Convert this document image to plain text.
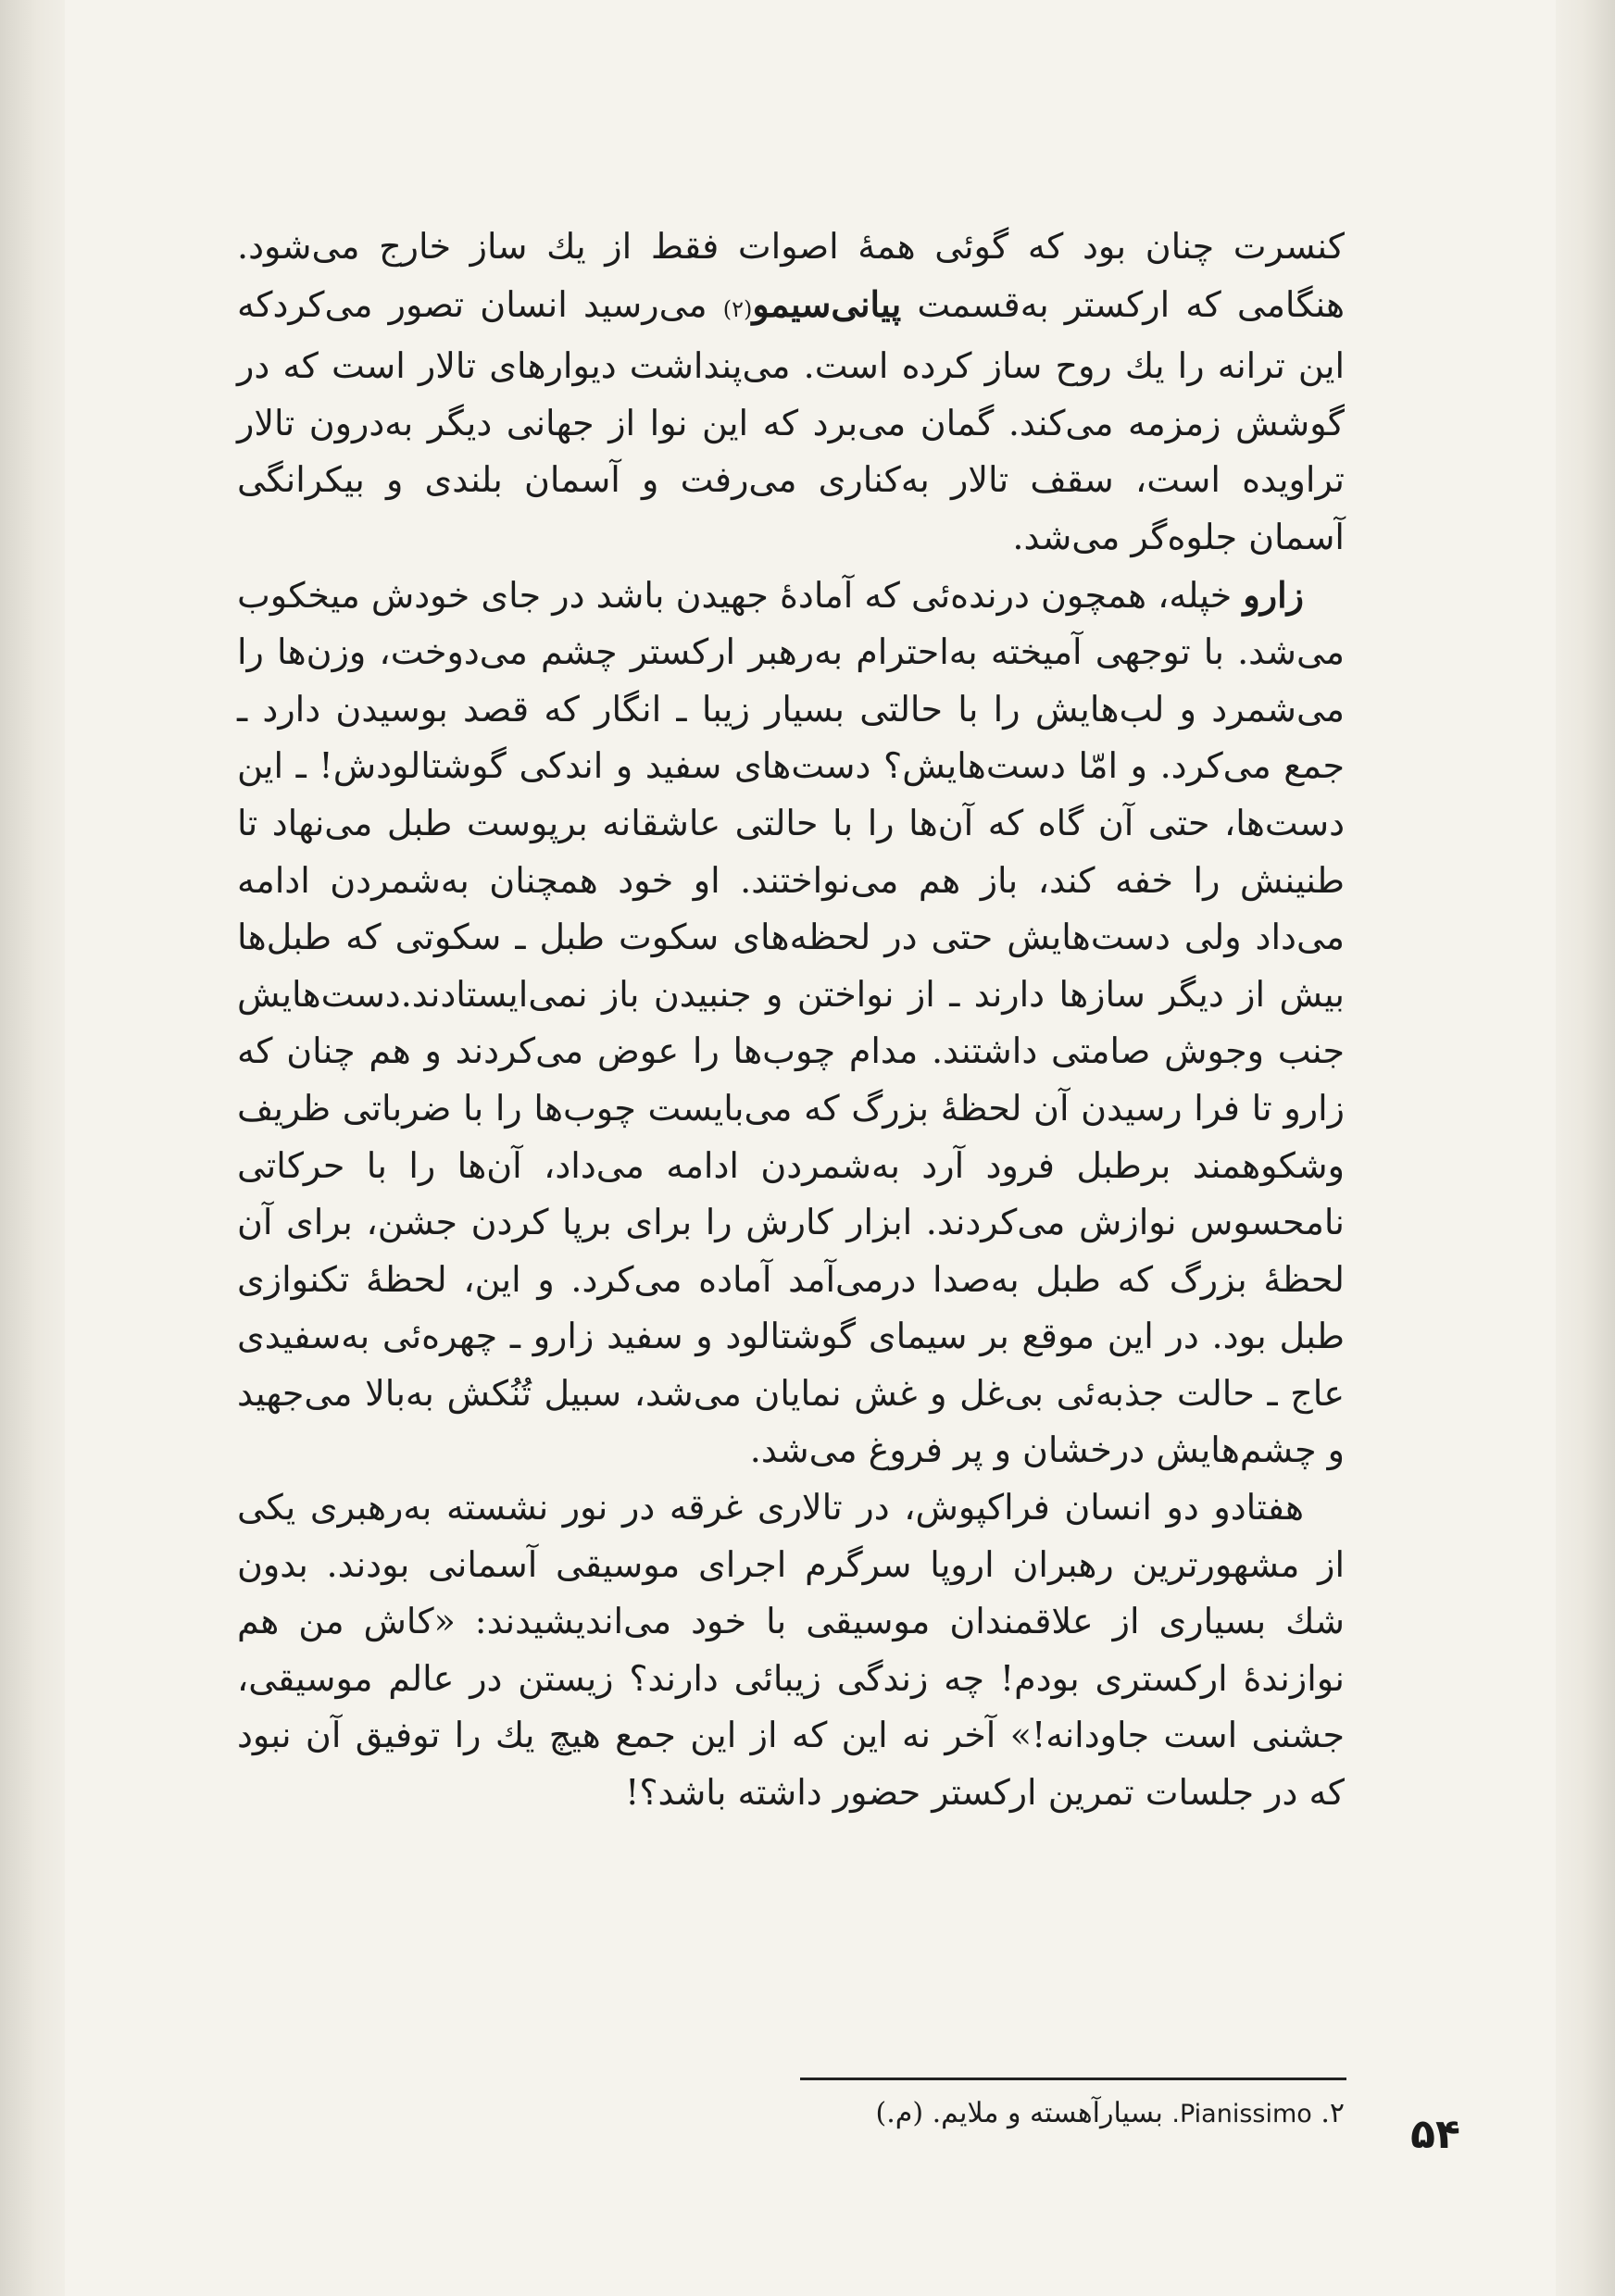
کنسرت چنان بود که گوئی همهٔ اصوات فقط از یك ساز خارج می‌شود. هنگامی که ارکستر به‌قسمت پیانی‌سیمو(۲) می‌رسید انسان تصور می‌کردکه این ترانه را یك روح ساز کرده است. می‌پنداشت دیوارهای تالار است که در گوشش زمزمه می‌کند. گمان می‌برد که این نوا از جهانی دیگر به‌درون تالار تراویده است، سقف تالار به‌کناری می‌رفت و آسمان بلندی و بیکرانگی آسمان جلوه‌گر می‌شد.

زارو خپله، همچون درنده‌ئی که آمادهٔ جهیدن باشد در جای خودش میخکوب می‌شد. با توجهی آمیخته به‌احترام به‌رهبر ارکستر چشم می‌دوخت، وزن‌ها را می‌شمرد و لب‌هایش را با حالتی بسیار زیبا ـ انگار که قصد بوسیدن دارد ـ جمع می‌کرد. و امّا دست‌هایش؟ دست‌های سفید و اندکی گوشتالودش! ـ این دست‌ها، حتی آن گاه که آن‌ها را با حالتی عاشقانه برپوست طبل می‌نهاد تا طنینش را خفه کند، باز هم می‌نواختند. او خود همچنان به‌شمردن ادامه می‌داد ولی دست‌هایش حتی در لحظه‌های سکوت طبل ـ سکوتی که طبل‌ها بیش از دیگر سازها دارند ـ از نواختن و جنبیدن باز نمی‌ایستادند.دست‌هایش جنب وجوش صامتی داشتند. مدام چوب‌ها را عوض می‌کردند و هم چنان که زارو تا فرا رسیدن آن لحظهٔ بزرگ که می‌بایست چوب‌ها را با ضرباتی ظریف وشکوهمند برطبل فرود آرد به‌شمردن ادامه می‌داد، آن‌ها را با حرکاتی نامحسوس نوازش می‌کردند. ابزار کارش را برای برپا کردن جشن، برای آن لحظهٔ بزرگ که طبل به‌صدا درمی‌آمد آماده می‌کرد. و این، لحظهٔ تکنوازی طبل بود. در این موقع بر سیمای گوشتالود و سفید زارو ـ چهره‌ئی به‌سفیدی عاج ـ حالت جذبه‌ئی بی‌غل و غش نمایان می‌شد، سبیل تُنُکش به‌بالا می‌جهید و چشم‌هایش درخشان و پر فروغ می‌شد.

هفتادو دو انسان فراکپوش، در تالاری غرقه در نور نشسته به‌رهبری یکی از مشهورترین رهبران اروپا سرگرم اجرای موسیقی آسمانی بودند. بدون شك بسیاری از علاقمندان موسیقی با خود می‌اندیشیدند: «کاش من هم نوازندهٔ ارکستری بودم! چه زندگی زیبائی دارند؟ زیستن در عالم موسیقی، جشنی است جاودانه!» آخر نه این که از این جمع هیچ یك را توفیق آن نبود که در جلسات تمرین ارکستر حضور داشته باشد؟!

۲. Pianissimo. بسیارآهسته و ملایم. (م.)	۵۴
